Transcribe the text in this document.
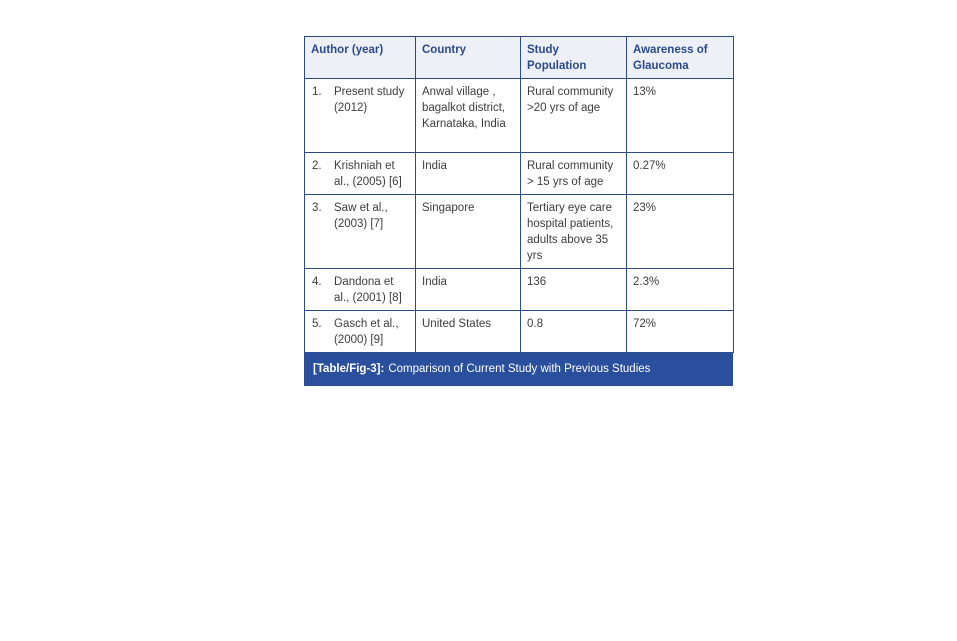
Author (year)	Country	Study Population	Awareness of Glaucoma

1. Present study (2012)	Anwal village , bagalkot district, Karnataka, India	Rural community >20 yrs of age	13%

2. Krishniah et al., (2005) [6]	India	Rural community > 15 yrs of age	0.27%

3. Saw et al., (2003) [7]	Singapore	Tertiary eye care hospital patients, adults above 35 yrs	23%

4. Dandona et al., (2001) [8]	India	136	2.3%

5. Gasch et al., (2000) [9]	United States	0.8	72%
[Table/Fig-3]: Comparison of Current Study with Previous Studies
